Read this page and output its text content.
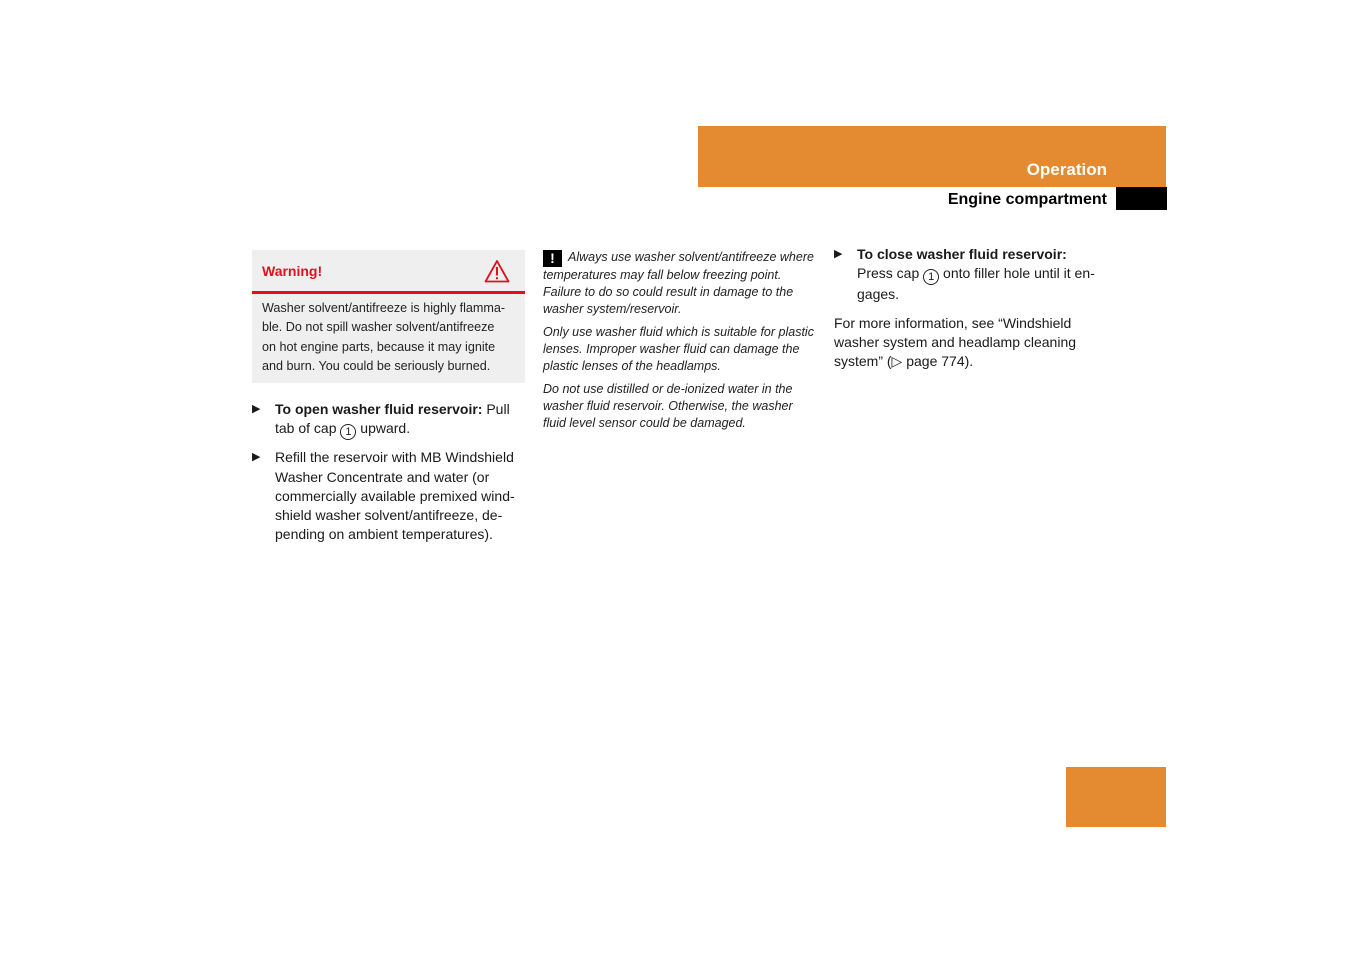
Operation
Engine compartment
Warning!
Washer solvent/antifreeze is highly flamma-
ble. Do not spill washer solvent/antifreeze
on hot engine parts, because it may ignite
and burn. You could be seriously burned.
▶ To open washer fluid reservoir: Pull tab of cap 1 upward.
▶ Refill the reservoir with MB Windshield Washer Concentrate and water (or commercially available premixed wind-shield washer solvent/antifreeze, de-pending on ambient temperatures).

! Always use washer solvent/antifreeze where temperatures may fall below freezing point. Failure to do so could result in damage to the washer system/reservoir.

Only use washer fluid which is suitable for plastic lenses. Improper washer fluid can damage the plastic lenses of the headlamps.

Do not use distilled or de-ionized water in the washer fluid reservoir. Otherwise, the washer fluid level sensor could be damaged.

▶ To close washer fluid reservoir:
Press cap 1 onto filler hole until it en-gages.

For more information, see “Windshield washer system and headlamp cleaning system” (▷ page 774).

581
